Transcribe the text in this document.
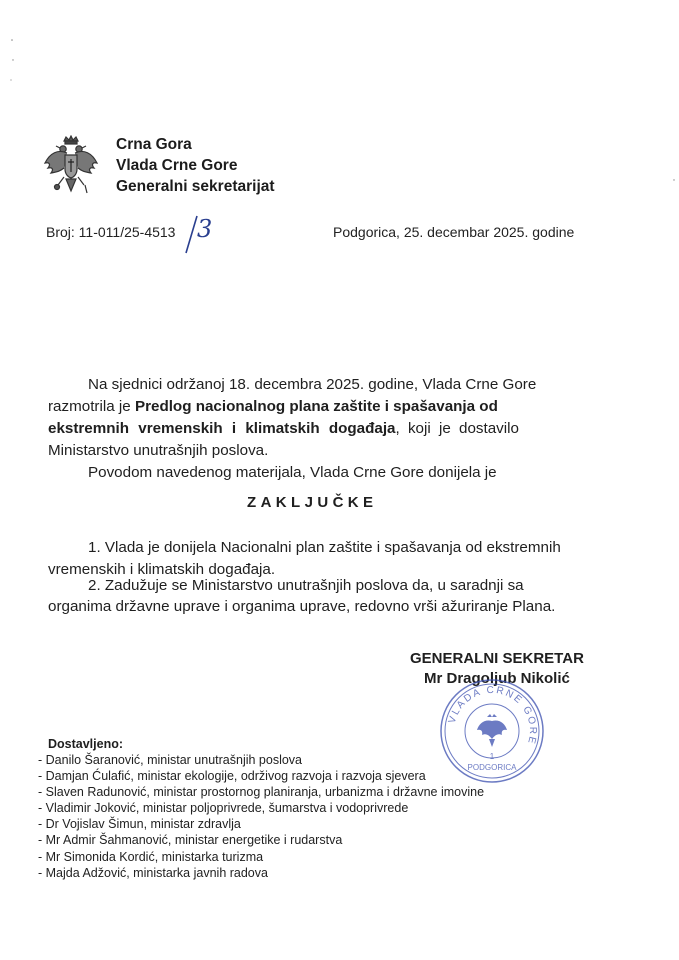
Crna Gora
Vlada Crne Gore
Generalni sekretarijat
Broj: 11-011/25-4513 3	Podgorica, 25. decembar 2025. godine
Na sjednici održanoj 18. decembra 2025. godine, Vlada Crne Gore
razmotrila je Predlog nacionalnog plana zaštite i spašavanja od
ekstremnih vremenskih i klimatskih događaja, koji je dostavilo
Ministarstvo unutrašnjih poslova.
Povodom navedenog materijala, Vlada Crne Gore donijela je
ZAKLJUČKE
1. Vlada je donijela Nacionalni plan zaštite i spašavanja od ekstremnih
vremenskih i klimatskih događaja.
2. Zadužuje se Ministarstvo unutrašnjih poslova da, u saradnji sa
organima državne uprave i organima uprave, redovno vrši ažuriranje Plana.
GENERALNI SEKRETAR
Mr Dragoljub Nikolić
VLADA CRNE GORE
PODGORICA
1
Dostavljeno:
- Danilo Šaranović, ministar unutrašnjih poslova
- Damjan Ćulafić, ministar ekologije, održivog razvoja i razvoja sjevera
- Slaven Radunović, ministar prostornog planiranja, urbanizma i državne imovine
- Vladimir Joković, ministar poljoprivrede, šumarstva i vodoprivrede
- Dr Vojislav Šimun, ministar zdravlja
- Mr Admir Šahmanović, ministar energetike i rudarstva
- Mr Simonida Kordić, ministarka turizma
- Majda Adžović, ministarka javnih radova
